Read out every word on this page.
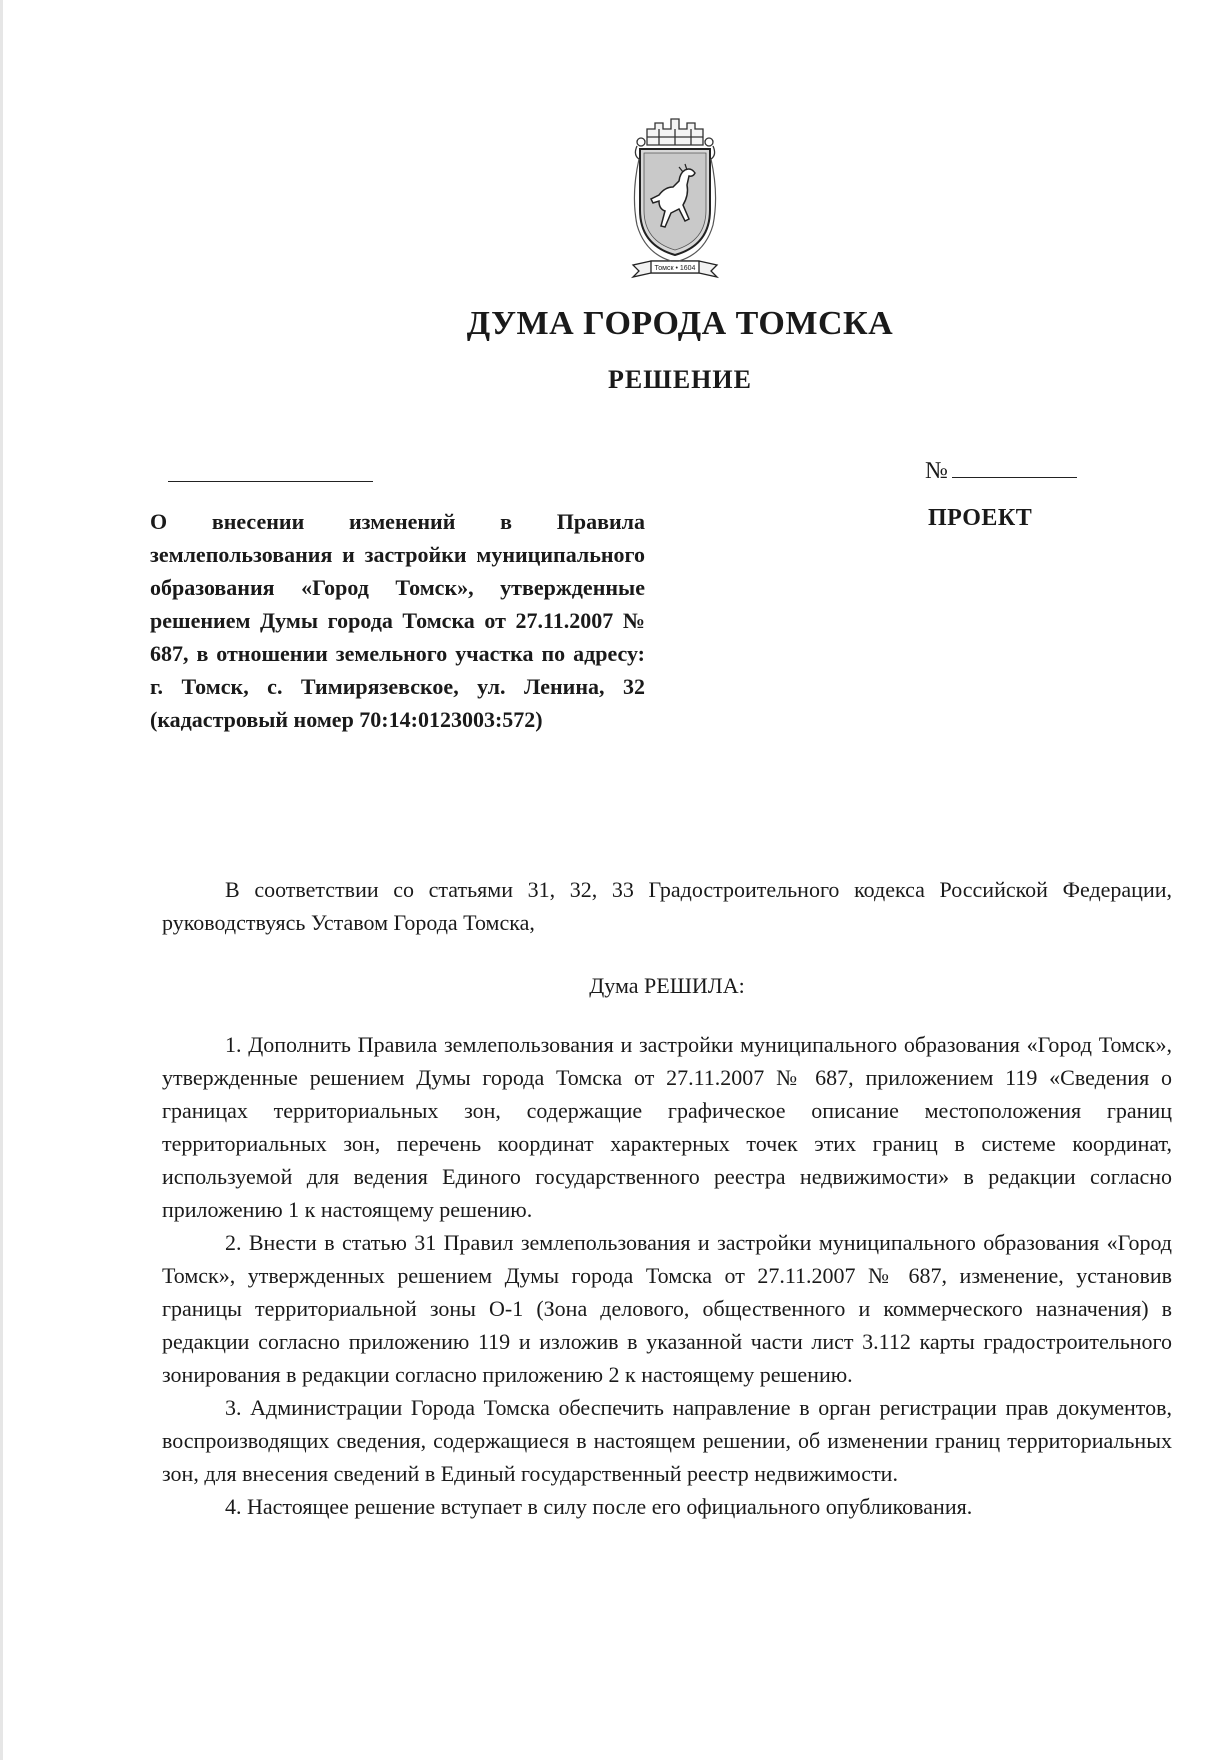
Томск • 1604
ДУМА ГОРОДА ТОМСКА
РЕШЕНИЕ
№
ПРОЕКТ
О внесении изменений в Правила землепользования и застройки муниципального образования «Город Томск», утвержденные решением Думы города Томска от 27.11.2007 № 687, в отношении земельного участка по адресу: г. Томск, с. Тимирязевское, ул. Ленина, 32 (кадастровый номер 70:14:0123003:572)

В соответствии со статьями 31, 32, 33 Градостроительного кодекса Российской Федерации, руководствуясь Уставом Города Томска,

Дума РЕШИЛА:

1. Дополнить Правила землепользования и застройки муниципального образования «Город Томск», утвержденные решением Думы города Томска от 27.11.2007 № 687, приложением 119 «Сведения о границах территориальных зон, содержащие графическое описание местоположения границ территориальных зон, перечень координат характерных точек этих границ в системе координат, используемой для ведения Единого государственного реестра недвижимости» в редакции согласно приложению 1 к настоящему решению.

2. Внести в статью 31 Правил землепользования и застройки муниципального образования «Город Томск», утвержденных решением Думы города Томска от 27.11.2007 № 687, изменение, установив границы территориальной зоны О-1 (Зона делового, общественного и коммерческого назначения) в редакции согласно приложению 119 и изложив в указанной части лист 3.112 карты градостроительного зонирования в редакции согласно приложению 2 к настоящему решению.

3. Администрации Города Томска обеспечить направление в орган регистрации прав документов, воспроизводящих сведения, содержащиеся в настоящем решении, об изменении границ территориальных зон, для внесения сведений в Единый государственный реестр недвижимости.

4. Настоящее решение вступает в силу после его официального опубликования.
